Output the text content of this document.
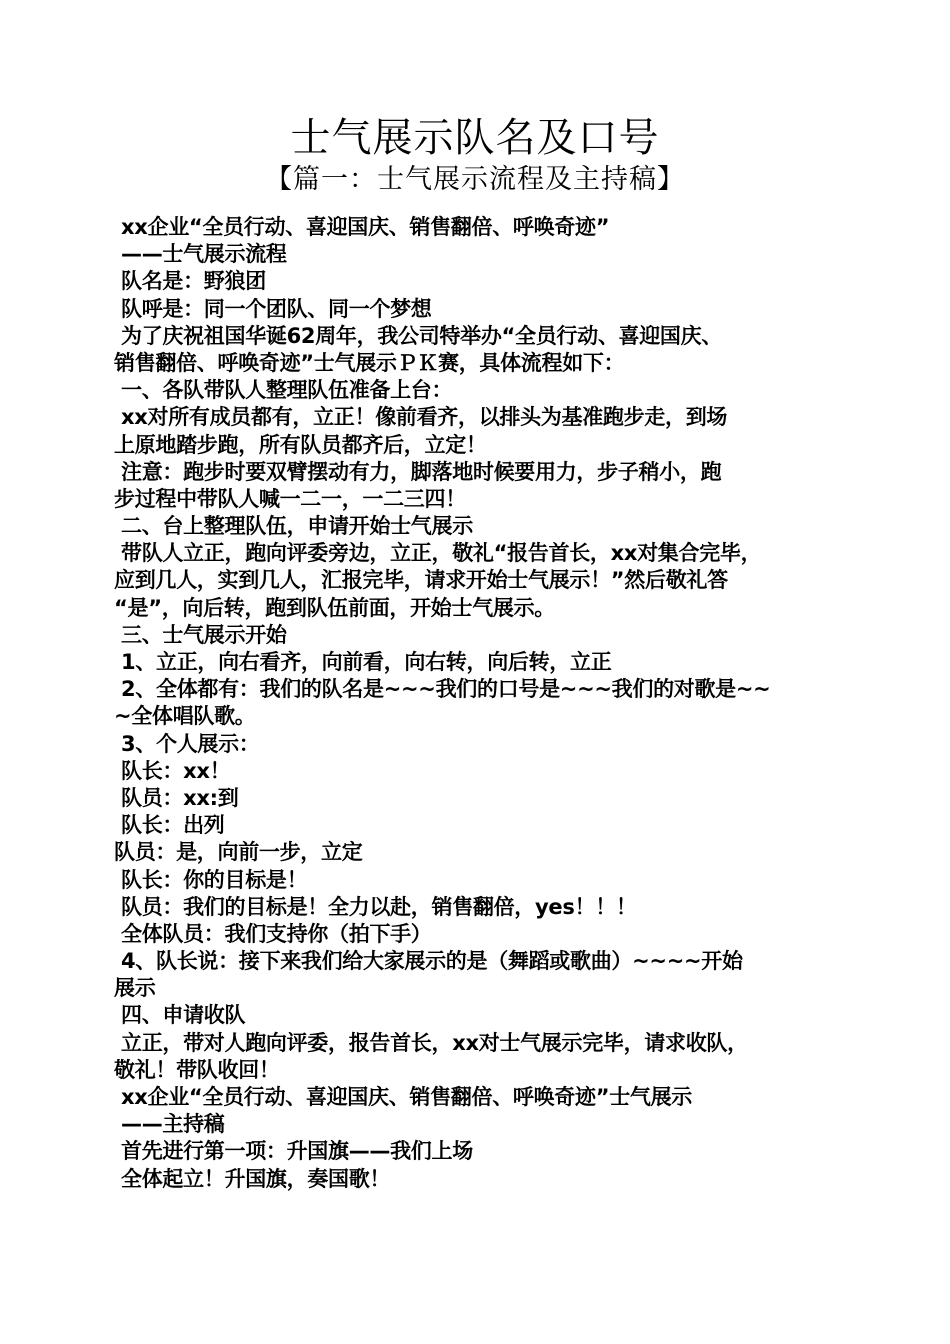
士气展示队名及口号
【篇一：士气展示流程及主持稿】
xx企业“全员行动、喜迎国庆、销售翻倍、呼唤奇迹”
——士气展示流程
队名是：野狼团
队呼是：同一个团队、同一个梦想
为了庆祝祖国华诞62周年，我公司特举办“全员行动、喜迎国庆、
销售翻倍、呼唤奇迹”士气展示ＰＫ赛，具体流程如下：
一、各队带队人整理队伍准备上台：
xx对所有成员都有，立正！像前看齐，以排头为基准跑步走，到场
上原地踏步跑，所有队员都齐后，立定！
注意：跑步时要双臂摆动有力，脚落地时候要用力，步子稍小，跑
步过程中带队人喊一二一，一二三四！
二、台上整理队伍，申请开始士气展示
带队人立正，跑向评委旁边，立正，敬礼“报告首长，xx对集合完毕，
应到几人，实到几人，汇报完毕，请求开始士气展示！”然后敬礼答
“是”，向后转，跑到队伍前面，开始士气展示。
三、士气展示开始
1、立正，向右看齐，向前看，向右转，向后转，立正
2、全体都有：我们的队名是~~~我们的口号是~~~我们的对歌是~~
~全体唱队歌。
3、个人展示：
队长：xx！
队员：xx:到
队长：出列
队员：是，向前一步，立定
队长：你的目标是！
队员：我们的目标是！全力以赴，销售翻倍，yes！！！
全体队员：我们支持你（拍下手）
4、队长说：接下来我们给大家展示的是（舞蹈或歌曲）~~~~开始
展示
四、申请收队
立正，带对人跑向评委，报告首长，xx对士气展示完毕，请求收队，
敬礼！带队收回！
xx企业“全员行动、喜迎国庆、销售翻倍、呼唤奇迹”士气展示
——主持稿
首先进行第一项：升国旗——我们上场
全体起立！升国旗，奏国歌！
